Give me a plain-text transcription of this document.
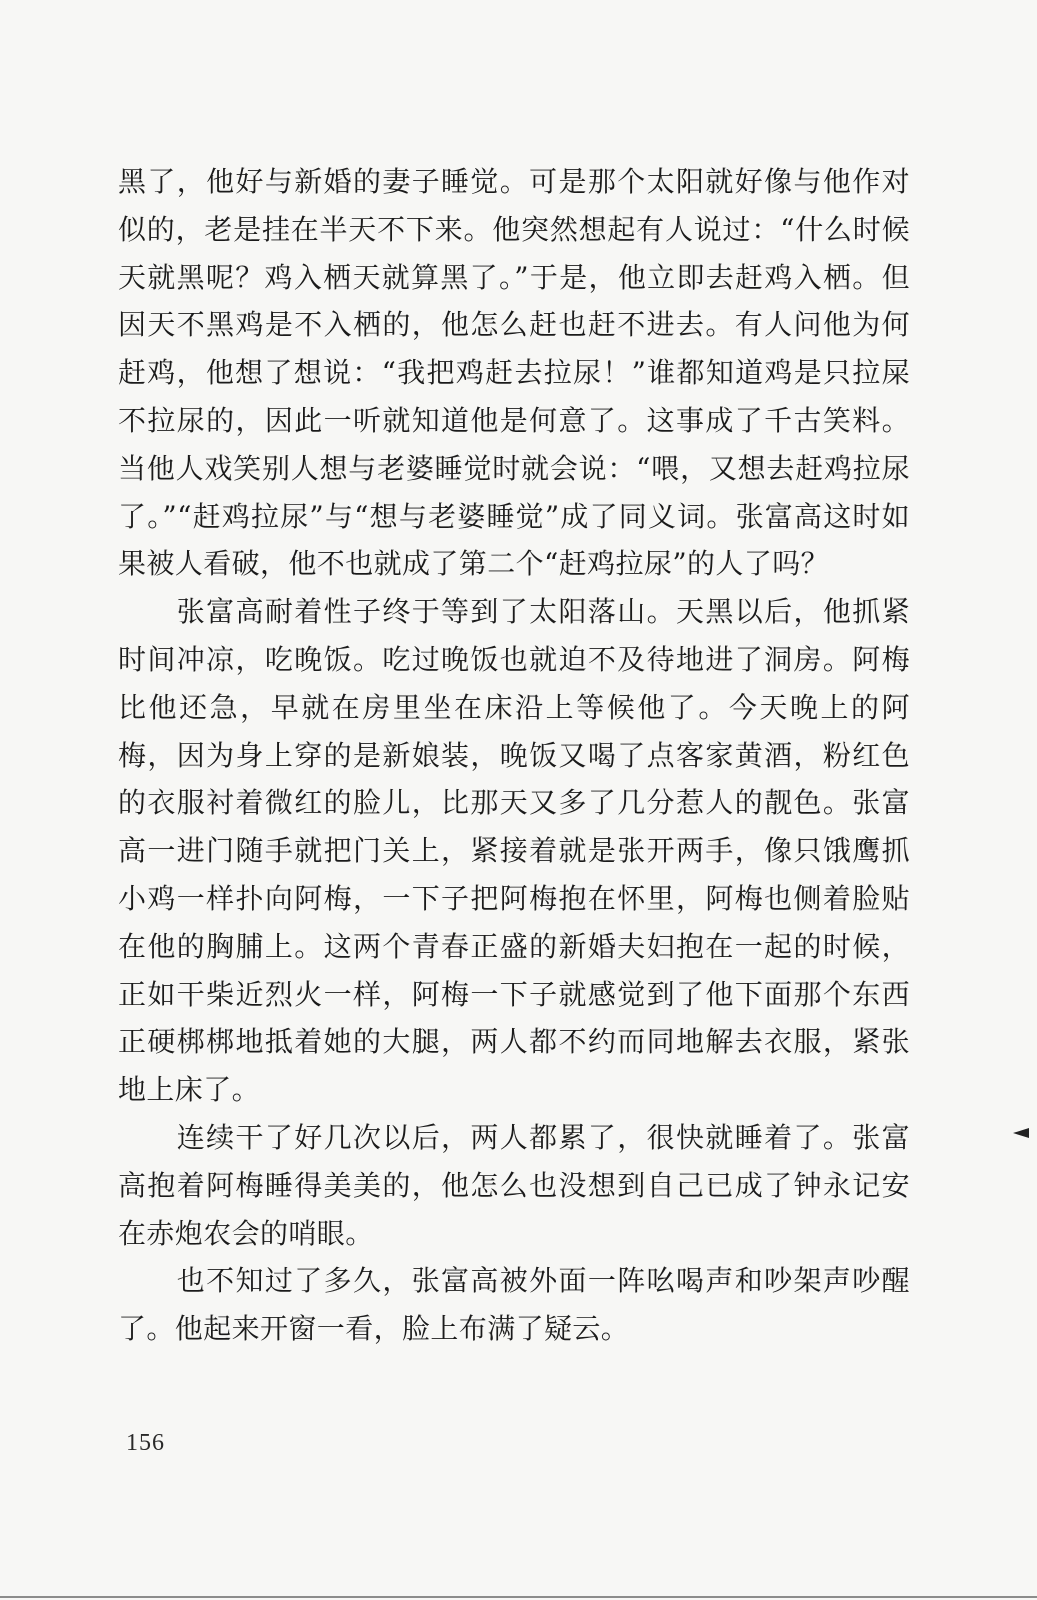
黑了，他好与新婚的妻子睡觉。可是那个太阳就好像与他作对似的，老是挂在半天不下来。他突然想起有人说过：“什么时候天就黑呢？鸡入栖天就算黑了。”于是，他立即去赶鸡入栖。但因天不黑鸡是不入栖的，他怎么赶也赶不进去。有人问他为何赶鸡，他想了想说：“我把鸡赶去拉尿！”谁都知道鸡是只拉屎不拉尿的，因此一听就知道他是何意了。这事成了千古笑料。当他人戏笑别人想与老婆睡觉时就会说：“喂，又想去赶鸡拉尿了。”“赶鸡拉尿”与“想与老婆睡觉”成了同义词。张富高这时如果被人看破，他不也就成了第二个“赶鸡拉尿”的人了吗？

　　张富高耐着性子终于等到了太阳落山。天黑以后，他抓紧时间冲凉，吃晚饭。吃过晚饭也就迫不及待地进了洞房。阿梅比他还急，早就在房里坐在床沿上等候他了。今天晚上的阿梅，因为身上穿的是新娘装，晚饭又喝了点客家黄酒，粉红色的衣服衬着微红的脸儿，比那天又多了几分惹人的靓色。张富高一进门随手就把门关上，紧接着就是张开两手，像只饿鹰抓小鸡一样扑向阿梅，一下子把阿梅抱在怀里，阿梅也侧着脸贴在他的胸脯上。这两个青春正盛的新婚夫妇抱在一起的时候，正如干柴近烈火一样，阿梅一下子就感觉到了他下面那个东西正硬梆梆地抵着她的大腿，两人都不约而同地解去衣服，紧张地上床了。

　　连续干了好几次以后，两人都累了，很快就睡着了。张富高抱着阿梅睡得美美的，他怎么也没想到自己已成了钟永记安在赤炮农会的哨眼。

　　也不知过了多久，张富高被外面一阵吆喝声和吵架声吵醒了。他起来开窗一看，脸上布满了疑云。

156
